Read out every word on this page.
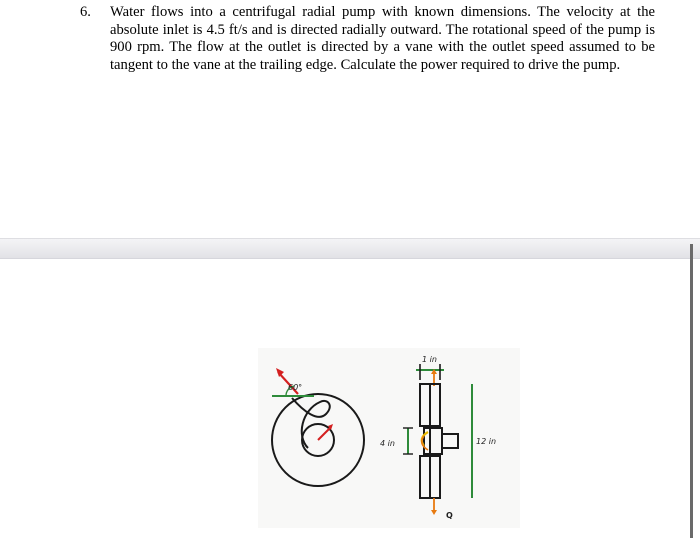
6.	Water flows into a centrifugal radial pump with known dimensions. The velocity at the absolute inlet is 4.5 ft/s and is directed radially outward. The rotational speed of the pump is 900 rpm. The flow at the outlet is directed by a vane with the outlet speed assumed to be tangent to the vane at the trailing edge. Calculate the power required to drive the pump.
60°
1 in
4 in	12 in
Q
